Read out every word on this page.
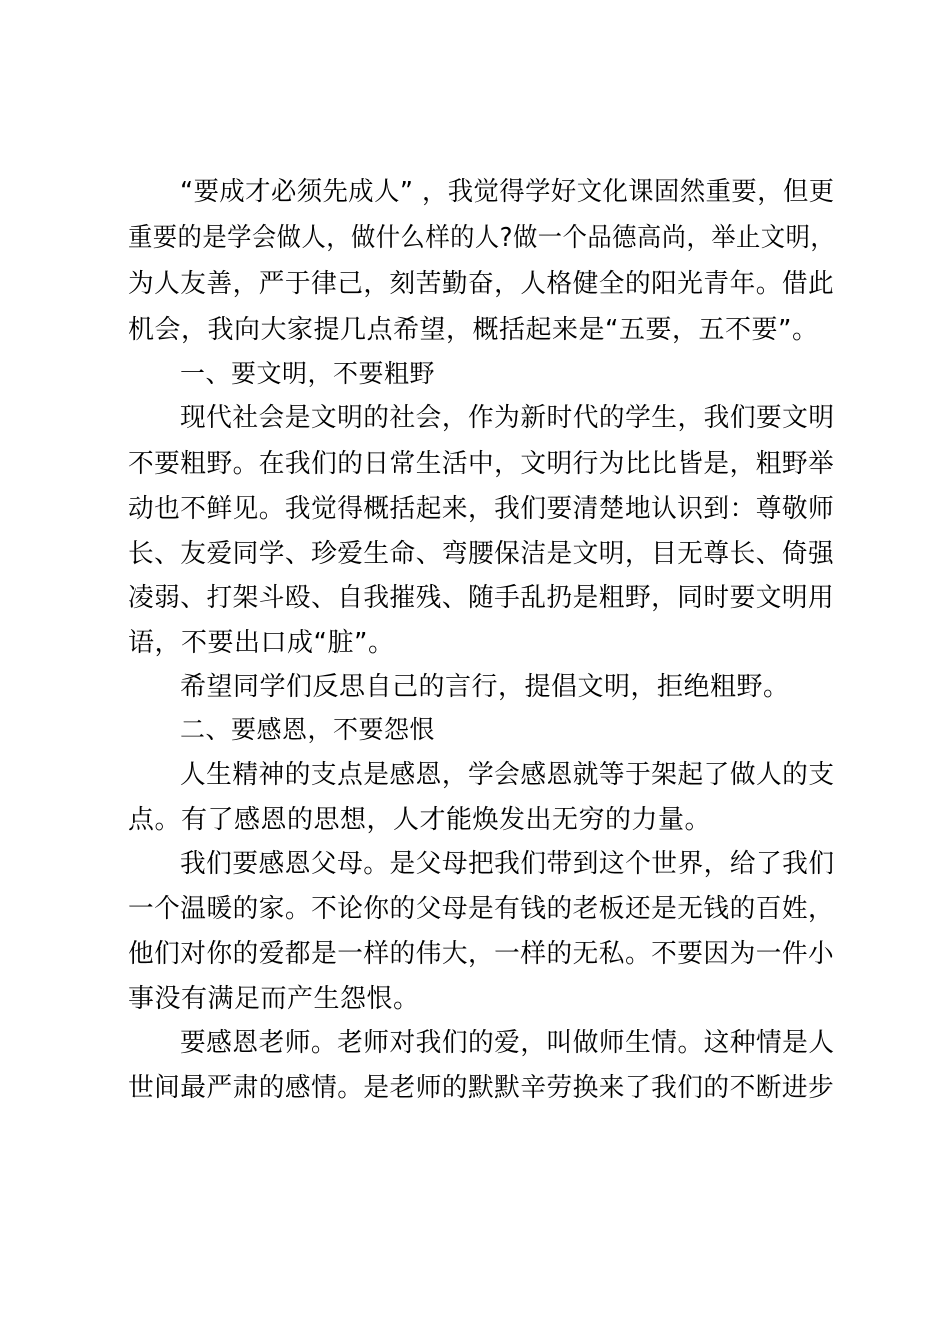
“要成才必须先成人” ，我觉得学好文化课固然重要，但更
重要的是学会做人，做什么样的人?做一个品德高尚，举止文明，
为人友善，严于律己，刻苦勤奋，人格健全的阳光青年。借此
机会，我向大家提几点希望，概括起来是“五要，五不要”。
一、要文明，不要粗野
现代社会是文明的社会，作为新时代的学生，我们要文明
不要粗野。在我们的日常生活中，文明行为比比皆是，粗野举
动也不鲜见。我觉得概括起来，我们要清楚地认识到：尊敬师
长、友爱同学、珍爱生命、弯腰保洁是文明，目无尊长、倚强
凌弱、打架斗殴、自我摧残、随手乱扔是粗野，同时要文明用
语，不要出口成“脏”。
希望同学们反思自己的言行，提倡文明，拒绝粗野。
二、要感恩，不要怨恨
人生精神的支点是感恩，学会感恩就等于架起了做人的支
点。有了感恩的思想，人才能焕发出无穷的力量。
我们要感恩父母。是父母把我们带到这个世界，给了我们
一个温暖的家。不论你的父母是有钱的老板还是无钱的百姓，
他们对你的爱都是一样的伟大，一样的无私。不要因为一件小
事没有满足而产生怨恨。
要感恩老师。老师对我们的爱，叫做师生情。这种情是人
世间最严肃的感情。是老师的默默辛劳换来了我们的不断进步
